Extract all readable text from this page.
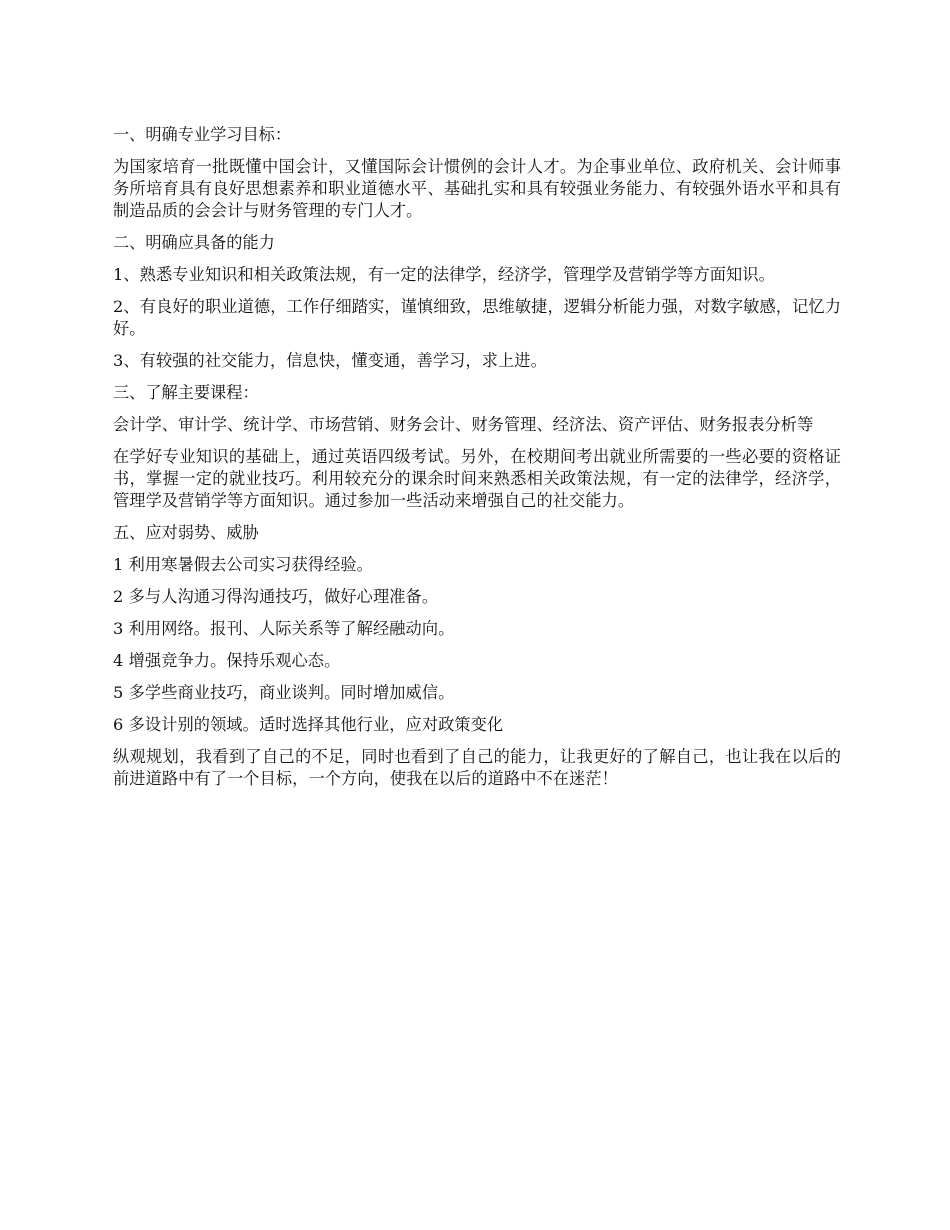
一、明确专业学习目标：

为国家培育一批既懂中国会计，又懂国际会计惯例的会计人才。为企事业单位、政府机关、会计师事务所培育具有良好思想素养和职业道德水平、基础扎实和具有较强业务能力、有较强外语水平和具有制造品质的会会计与财务管理的专门人才。

二、明确应具备的能力

1、熟悉专业知识和相关政策法规，有一定的法律学，经济学，管理学及营销学等方面知识。

2、有良好的职业道德，工作仔细踏实，谨慎细致，思维敏捷，逻辑分析能力强，对数字敏感，记忆力好。

3、有较强的社交能力，信息快，懂变通，善学习，求上进。

三、了解主要课程：

会计学、审计学、统计学、市场营销、财务会计、财务管理、经济法、资产评估、财务报表分析等

在学好专业知识的基础上，通过英语四级考试。另外，在校期间考出就业所需要的一些必要的资格证书，掌握一定的就业技巧。利用较充分的课余时间来熟悉相关政策法规，有一定的法律学，经济学，管理学及营销学等方面知识。通过参加一些活动来增强自己的社交能力。

五、应对弱势、威胁

1 利用寒暑假去公司实习获得经验。

2 多与人沟通习得沟通技巧，做好心理准备。

3 利用网络。报刊、人际关系等了解经融动向。

4 增强竞争力。保持乐观心态。

5 多学些商业技巧，商业谈判。同时增加威信。

6 多设计别的领域。适时选择其他行业，应对政策变化

纵观规划，我看到了自己的不足，同时也看到了自己的能力，让我更好的了解自己，也让我在以后的前进道路中有了一个目标，一个方向，使我在以后的道路中不在迷茫！
